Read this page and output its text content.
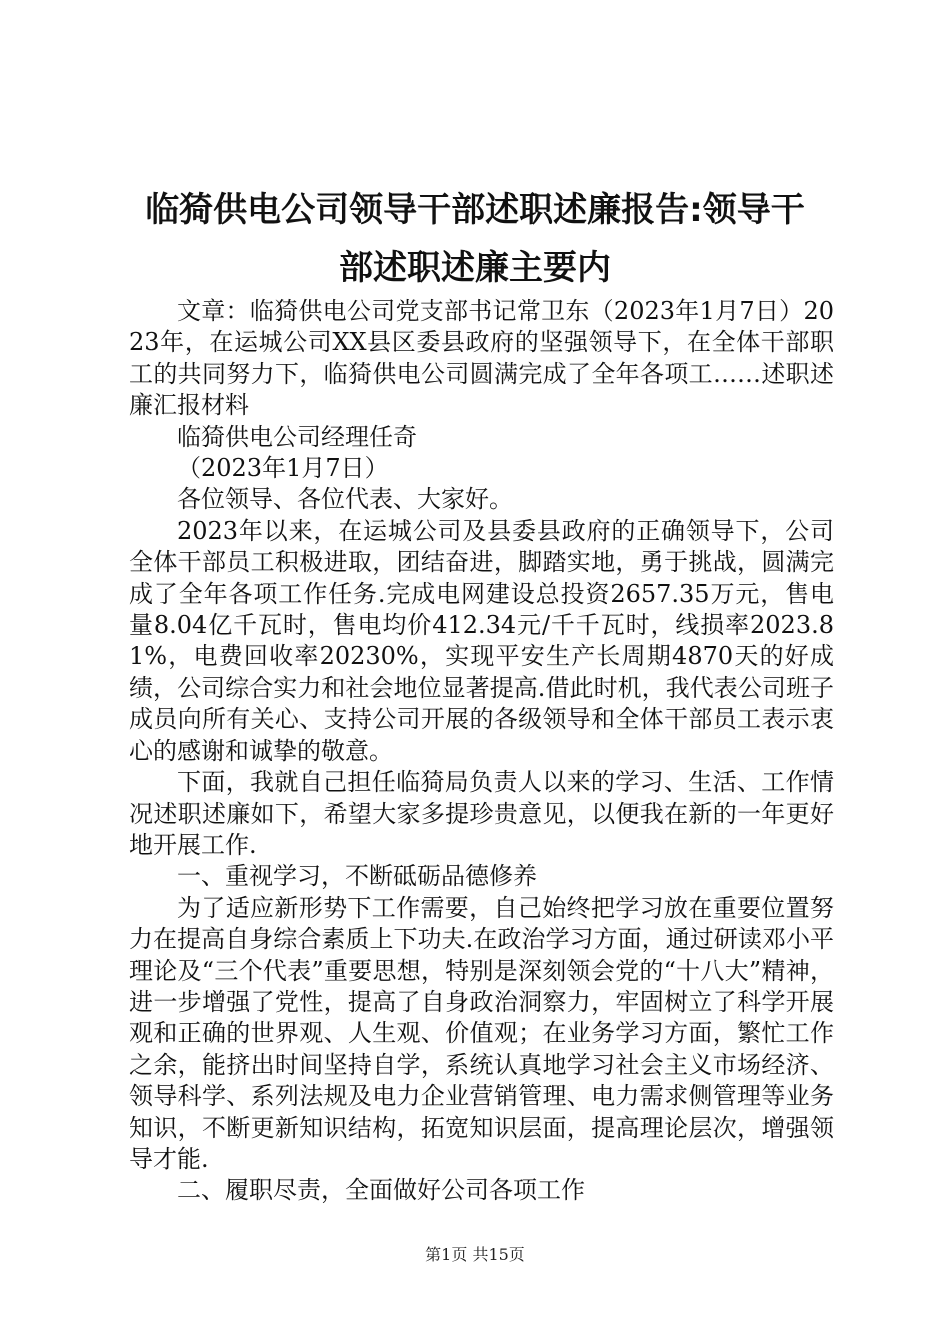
临猗供电公司领导干部述职述廉报告:领导干
部述职述廉主要内

文章：临猗供电公司党支部书记常卫东（2023年1月7日）2023年，在运城公司XX县区委县政府的坚强领导下，在全体干部职工的共同努力下，临猗供电公司圆满完成了全年各项工……述职述廉汇报材料

临猗供电公司经理任奇

（2023年1月7日）

各位领导、各位代表、大家好。

2023年以来，在运城公司及县委县政府的正确领导下，公司全体干部员工积极进取，团结奋进，脚踏实地，勇于挑战，圆满完成了全年各项工作任务.完成电网建设总投资2657.35万元，售电量8.04亿千瓦时，售电均价412.34元/千千瓦时，线损率2023.81%，电费回收率20230%，实现平安生产长周期4870天的好成绩，公司综合实力和社会地位显著提高.借此时机，我代表公司班子成员向所有关心、支持公司开展的各级领导和全体干部员工表示衷心的感谢和诚挚的敬意。

下面，我就自己担任临猗局负责人以来的学习、生活、工作情况述职述廉如下，希望大家多提珍贵意见，以便我在新的一年更好地开展工作.

一、重视学习，不断砥砺品德修养

为了适应新形势下工作需要，自己始终把学习放在重要位置努力在提高自身综合素质上下功夫.在政治学习方面，通过研读邓小平理论及“三个代表”重要思想，特别是深刻领会党的“十八大”精神，进一步增强了党性，提高了自身政治洞察力，牢固树立了科学开展观和正确的世界观、人生观、价值观；在业务学习方面，繁忙工作之余，能挤出时间坚持自学，系统认真地学习社会主义市场经济、领导科学、系列法规及电力企业营销管理、电力需求侧管理等业务知识，不断更新知识结构，拓宽知识层面，提高理论层次，增强领导才能.

二、履职尽责，全面做好公司各项工作

第1页 共15页
